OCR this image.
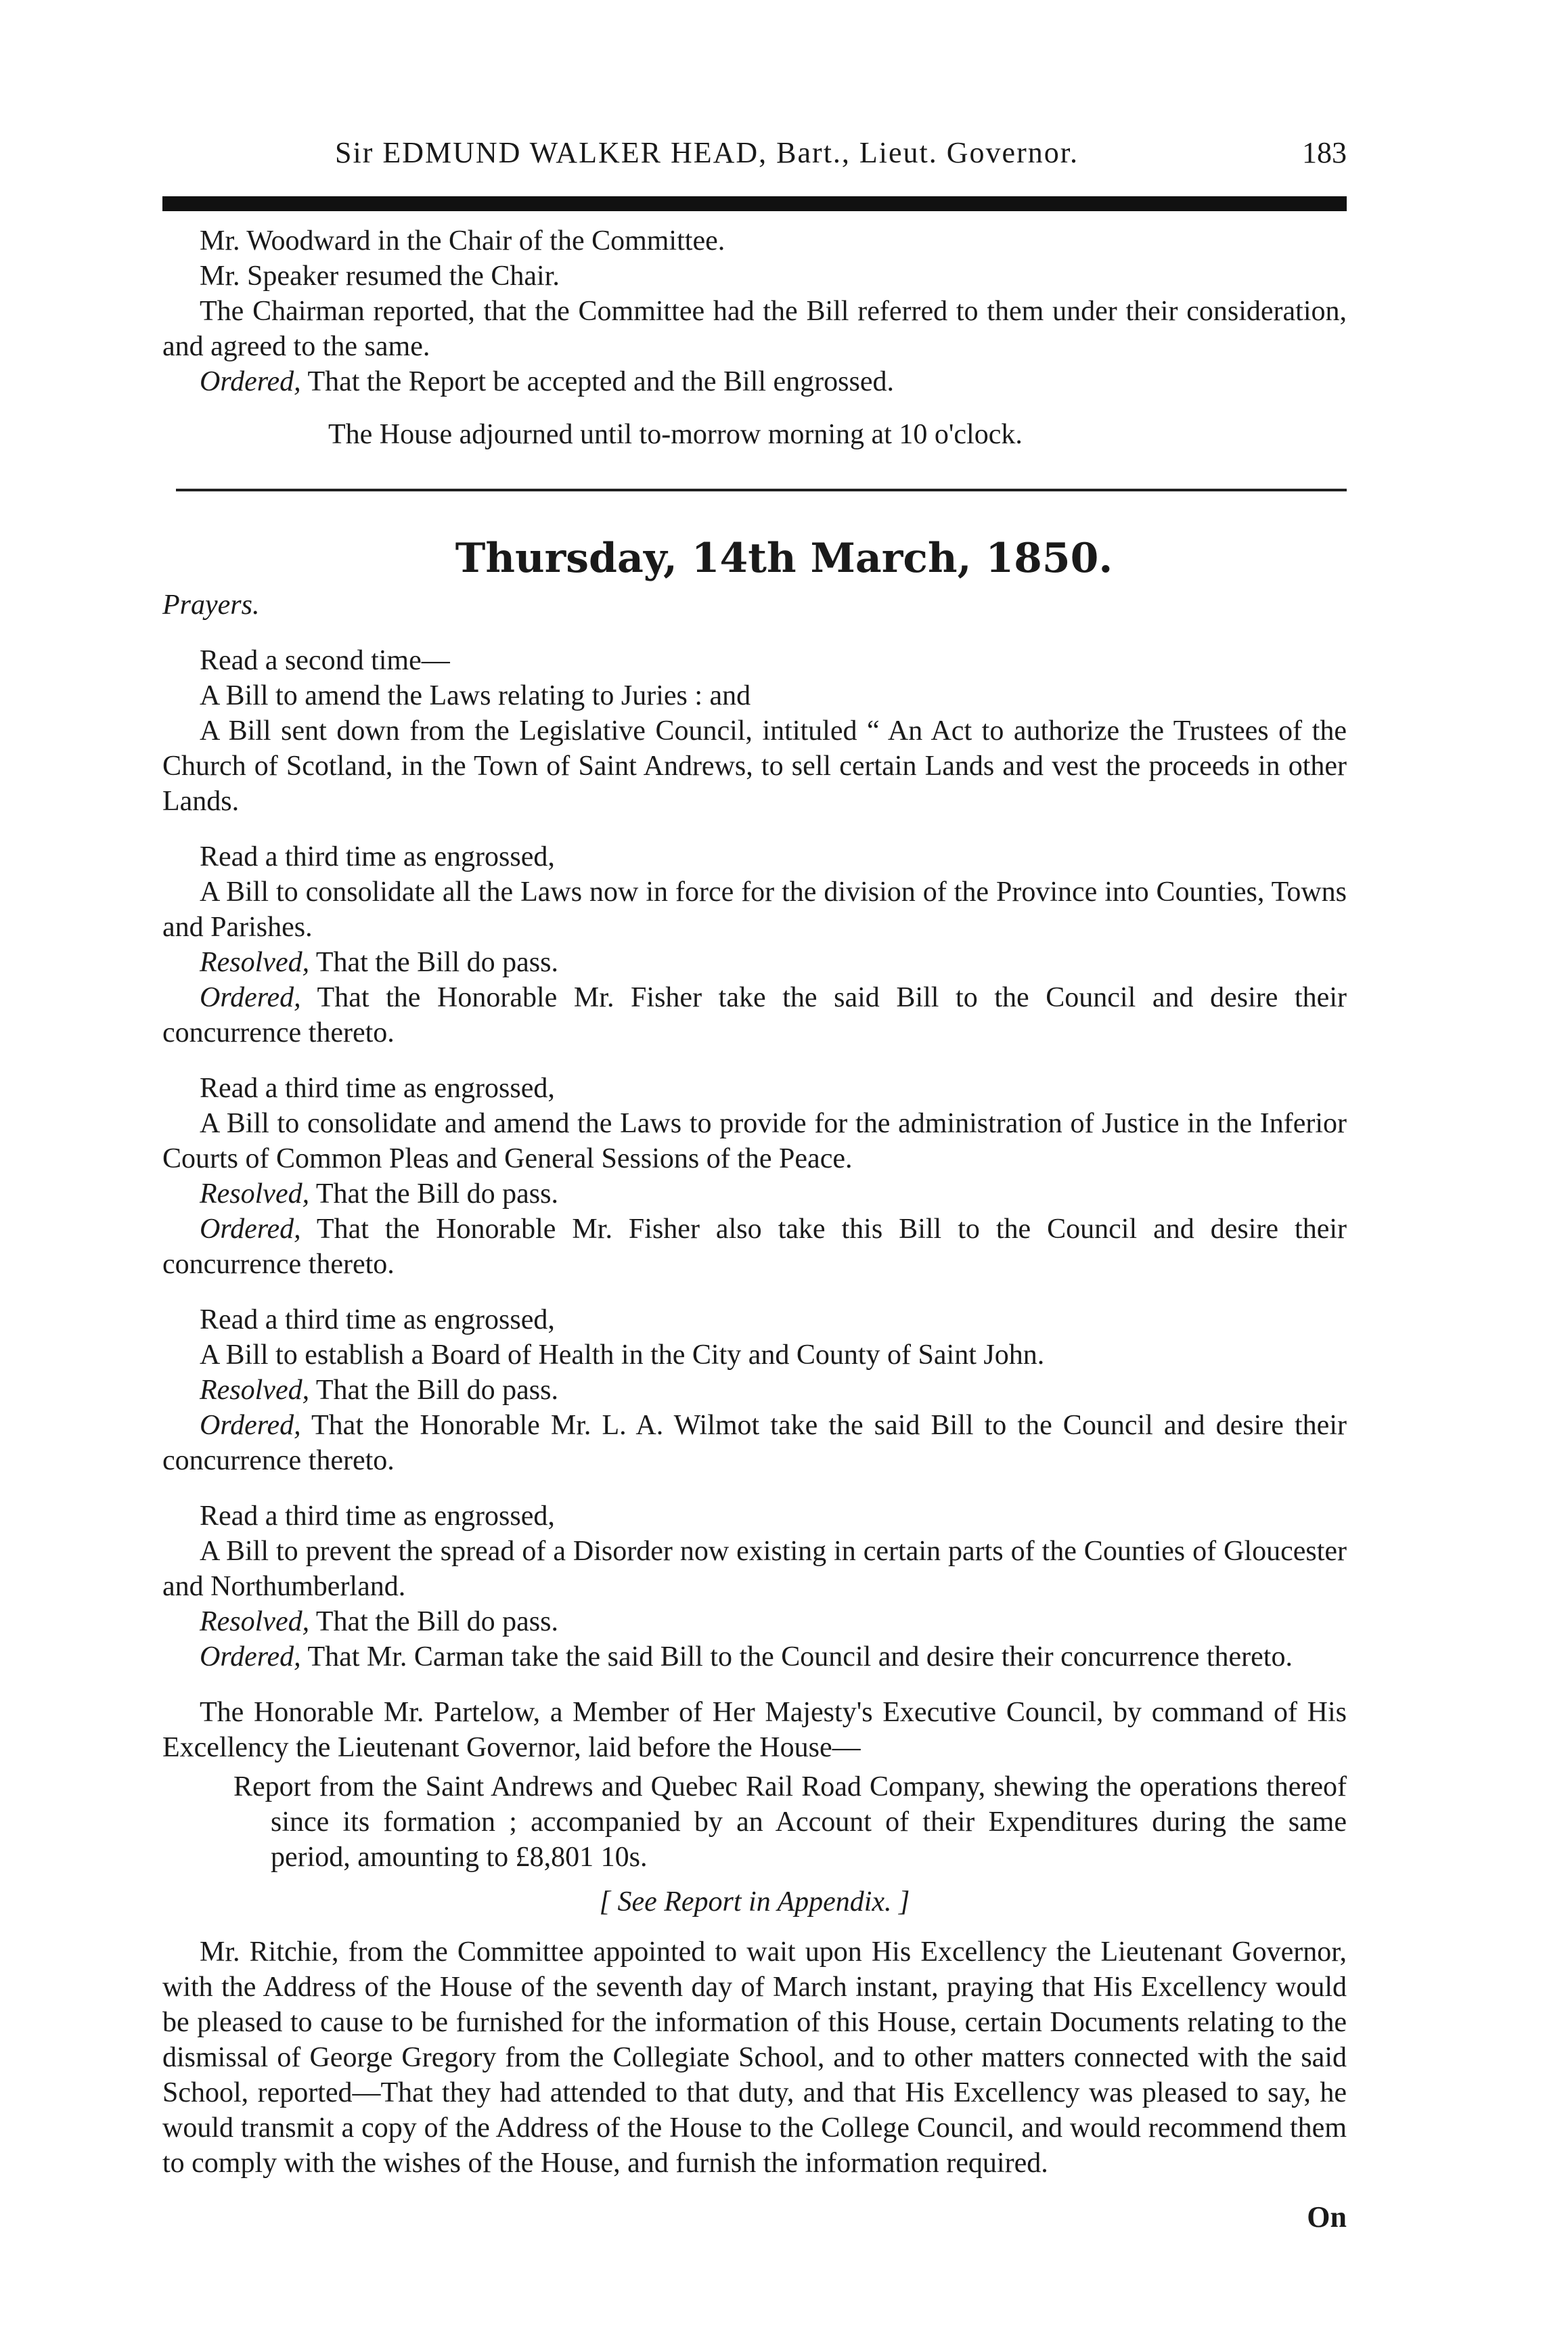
Sir EDMUND WALKER HEAD, Bart., Lieut. Governor.	183

Mr. Woodward in the Chair of the Committee.

Mr. Speaker resumed the Chair.

The Chairman reported, that the Committee had the Bill referred to them under their consideration, and agreed to the same.

Ordered, That the Report be accepted and the Bill engrossed.

The House adjourned until to-morrow morning at 10 o'clock.

Thursday, 14th March, 1850.

Prayers.

Read a second time—

A Bill to amend the Laws relating to Juries : and

A Bill sent down from the Legislative Council, intituled “ An Act to authorize the Trustees of the Church of Scotland, in the Town of Saint Andrews, to sell certain Lands and vest the proceeds in other Lands.

Read a third time as engrossed,

A Bill to consolidate all the Laws now in force for the division of the Province into Counties, Towns and Parishes.

Resolved, That the Bill do pass.

Ordered, That the Honorable Mr. Fisher take the said Bill to the Council and desire their concurrence thereto.

Read a third time as engrossed,

A Bill to consolidate and amend the Laws to provide for the administration of Justice in the Inferior Courts of Common Pleas and General Sessions of the Peace.

Resolved, That the Bill do pass.

Ordered, That the Honorable Mr. Fisher also take this Bill to the Council and desire their concurrence thereto.

Read a third time as engrossed,

A Bill to establish a Board of Health in the City and County of Saint John.

Resolved, That the Bill do pass.

Ordered, That the Honorable Mr. L. A. Wilmot take the said Bill to the Council and desire their concurrence thereto.

Read a third time as engrossed,

A Bill to prevent the spread of a Disorder now existing in certain parts of the Counties of Gloucester and Northumberland.

Resolved, That the Bill do pass.

Ordered, That Mr. Carman take the said Bill to the Council and desire their concurrence thereto.

The Honorable Mr. Partelow, a Member of Her Majesty's Executive Council, by command of His Excellency the Lieutenant Governor, laid before the House—

Report from the Saint Andrews and Quebec Rail Road Company, shewing the operations thereof since its formation ; accompanied by an Account of their Expenditures during the same period, amounting to £8,801 10s.

[ See Report in Appendix. ]

Mr. Ritchie, from the Committee appointed to wait upon His Excellency the Lieutenant Governor, with the Address of the House of the seventh day of March instant, praying that His Excellency would be pleased to cause to be furnished for the information of this House, certain Documents relating to the dismissal of George Gregory from the Collegiate School, and to other matters connected with the said School, reported—That they had attended to that duty, and that His Excellency was pleased to say, he would transmit a copy of the Address of the House to the College Council, and would recommend them to comply with the wishes of the House, and furnish the information required.

On
